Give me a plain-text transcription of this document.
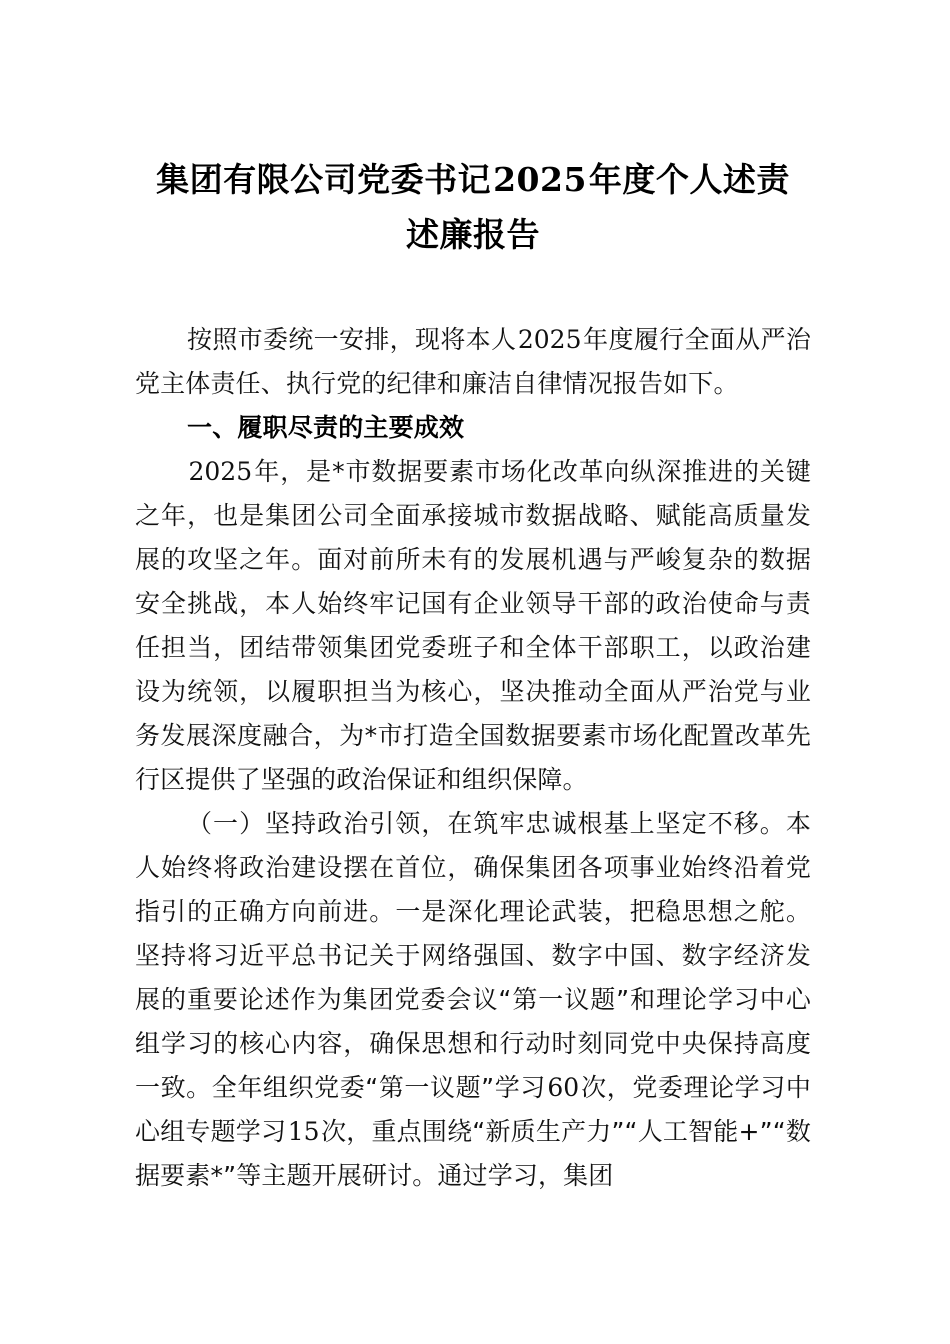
集团有限公司党委书记2025年度个人述责
述廉报告

按照市委统一安排，现将本人2025年度履行全面从严治党主体责任、执行党的纪律和廉洁自律情况报告如下。

一、履职尽责的主要成效

2025年，是*市数据要素市场化改革向纵深推进的关键之年，也是集团公司全面承接城市数据战略、赋能高质量发展的攻坚之年。面对前所未有的发展机遇与严峻复杂的数据安全挑战，本人始终牢记国有企业领导干部的政治使命与责任担当，团结带领集团党委班子和全体干部职工，以政治建设为统领，以履职担当为核心，坚决推动全面从严治党与业务发展深度融合，为*市打造全国数据要素市场化配置改革先行区提供了坚强的政治保证和组织保障。

（一）坚持政治引领，在筑牢忠诚根基上坚定不移。本人始终将政治建设摆在首位，确保集团各项事业始终沿着党指引的正确方向前进。一是深化理论武装，把稳思想之舵。坚持将习近平总书记关于网络强国、数字中国、数字经济发展的重要论述作为集团党委会议“第一议题”和理论学习中心组学习的核心内容，确保思想和行动时刻同党中央保持高度一致。全年组织党委“第一议题”学习60次，党委理论学习中心组专题学习15次，重点围绕“新质生产力”“人工智能+”“数据要素*”等主题开展研讨。通过学习，集团
